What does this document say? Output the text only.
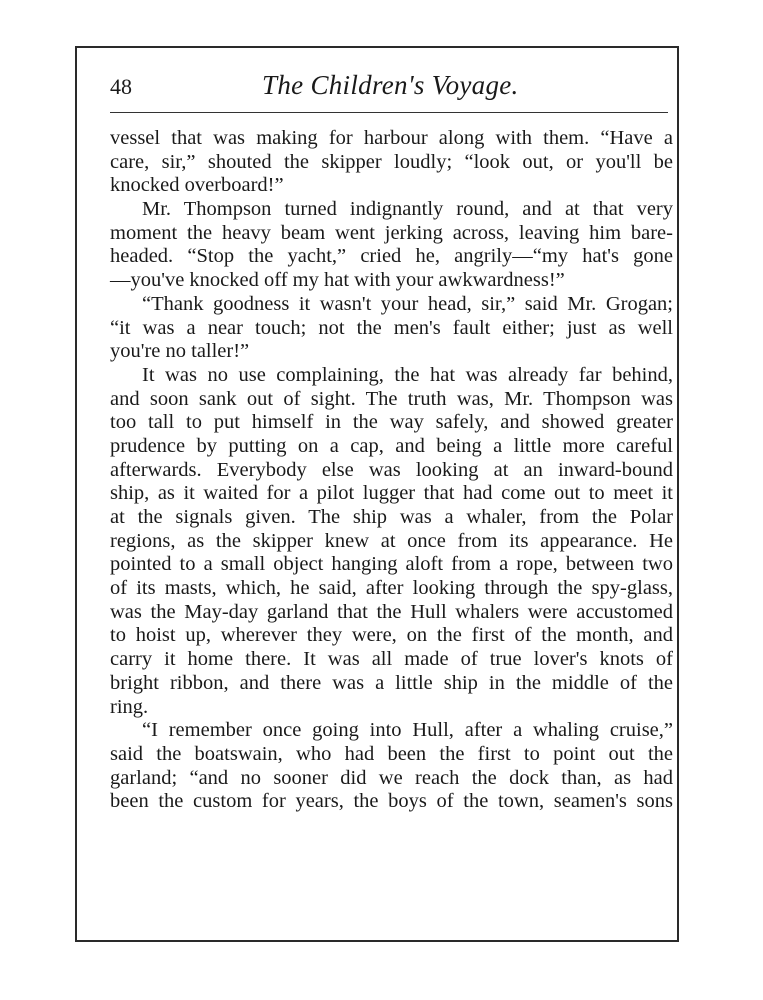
48	The Children's Voyage.
vessel that was making for harbour along with them. “Have a
care, sir,” shouted the skipper loudly; “look out, or you'll be
knocked overboard!”
Mr. Thompson turned indignantly round, and at that very
moment the heavy beam went jerking across, leaving him bare-
headed. “Stop the yacht,” cried he, angrily—“my hat's gone
—you've knocked off my hat with your awkwardness!”
“Thank goodness it wasn't your head, sir,” said Mr. Grogan;
“it was a near touch; not the men's fault either; just as well
you're no taller!”
It was no use complaining, the hat was already far behind,
and soon sank out of sight. The truth was, Mr. Thompson was
too tall to put himself in the way safely, and showed greater
prudence by putting on a cap, and being a little more careful
afterwards. Everybody else was looking at an inward-bound
ship, as it waited for a pilot lugger that had come out to meet it
at the signals given. The ship was a whaler, from the Polar
regions, as the skipper knew at once from its appearance. He
pointed to a small object hanging aloft from a rope, between two
of its masts, which, he said, after looking through the spy-glass,
was the May-day garland that the Hull whalers were accustomed
to hoist up, wherever they were, on the first of the month, and
carry it home there. It was all made of true lover's knots of
bright ribbon, and there was a little ship in the middle of the
ring.
“I remember once going into Hull, after a whaling cruise,”
said the boatswain, who had been the first to point out the
garland; “and no sooner did we reach the dock than, as had
been the custom for years, the boys of the town, seamen's sons
